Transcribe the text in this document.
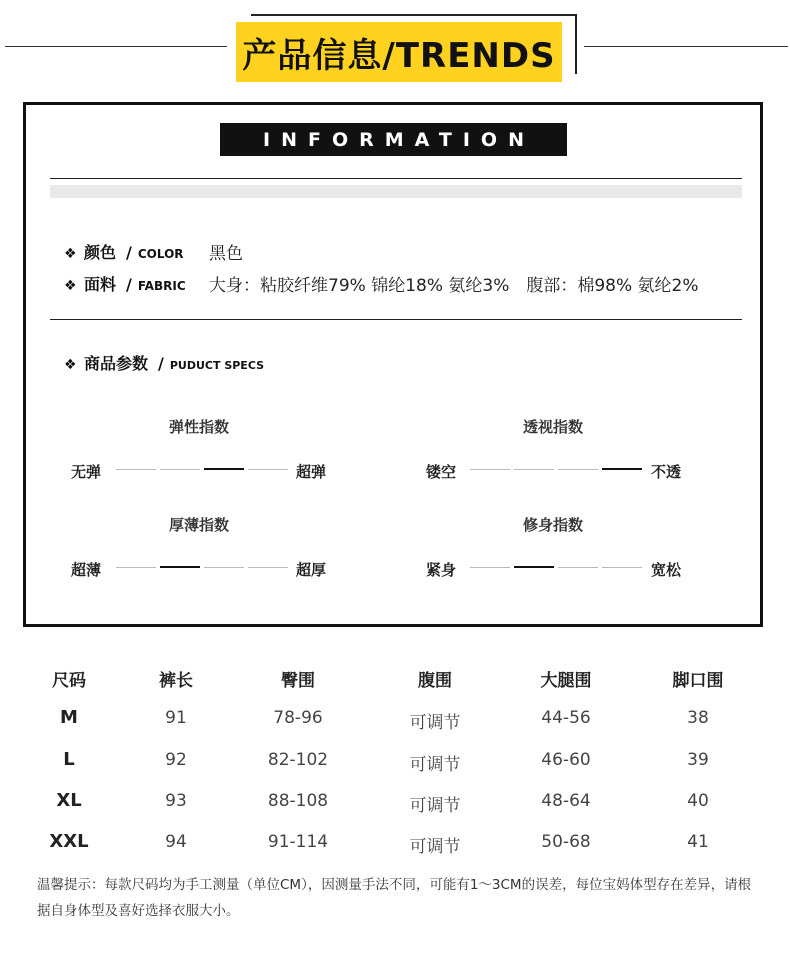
产品信息/TRENDS
INFORMATION
❖ 颜色 / COLOR 黑色
❖ 面料 / FABRIC 大身：粘胶纤维79% 锦纶18% 氨纶3%　腹部：棉98% 氨纶2%
❖ 商品参数 / PUDUCT SPECS
弹性指数
无弹	超弹
透视指数
镂空	不透
厚薄指数
超薄	超厚
修身指数
紧身	宽松
尺码	裤长	臀围	腹围	大腿围	脚口围
M	91	78-96	可调节	44-56	38
L	92	82-102	可调节	46-60	39
XL	93	88-108	可调节	48-64	40
XXL	94	91-114	可调节	50-68	41
温馨提示：每款尺码均为手工测量（单位CM），因测量手法不同，可能有1～3CM的误差，每位宝妈体型存在差异，请根据自身体型及喜好选择衣服大小。
